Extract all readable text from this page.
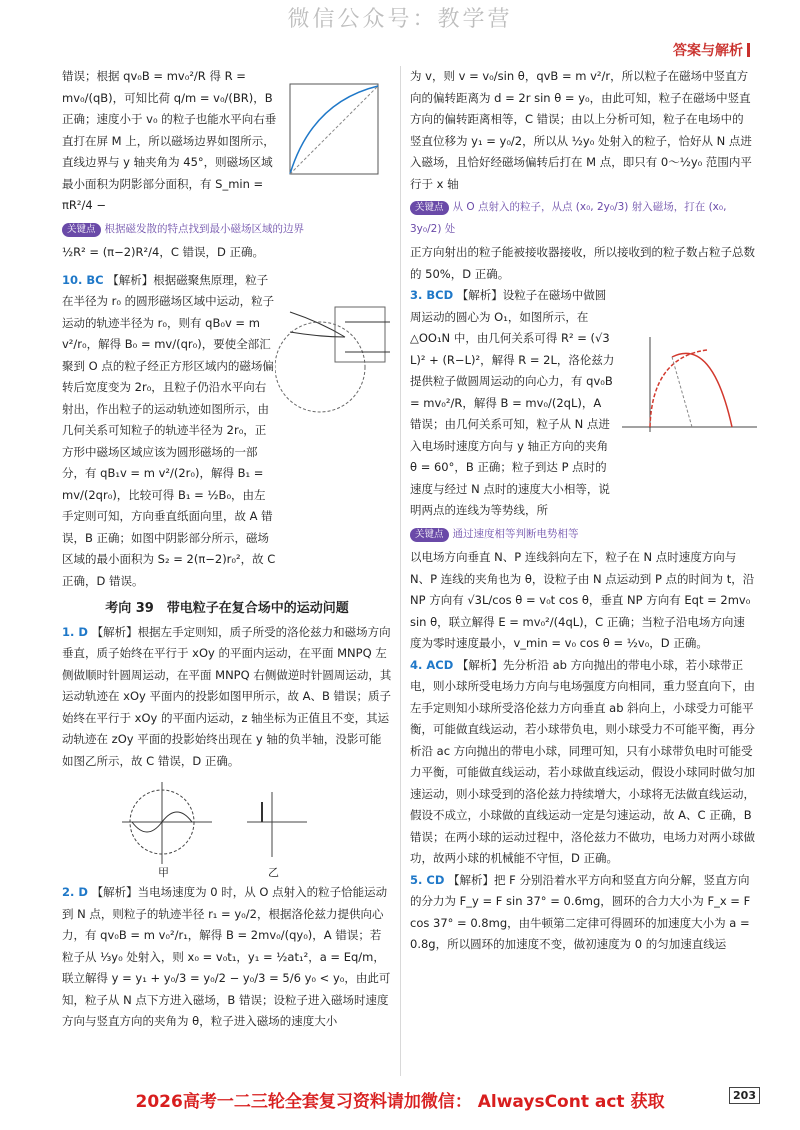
微信公众号：教学营
答案与解析

错误；根据 qv₀B = mv₀²/R 得 R = mv₀/(qB)，可知比荷 q/m = v₀/(BR)，B 正确；速度小于 v₀ 的粒子也能水平向右垂直打在屏 M 上，所以磁场边界如图所示，直线边界与 y 轴夹角为 45°，则磁场区域最小面积为阴影部分面积，有 S_min = πR²/4 −

关键点 根据磁发散的特点找到最小磁场区域的边界

½R² = (π−2)R²/4，C 错误，D 正确。

10. BC 【解析】根据磁聚焦原理，粒子在半径为 r₀ 的圆形磁场区域中运动，粒子运动的轨迹半径为 r₀，则有 qB₀v = m v²/r₀，解得 B₀ = mv/(qr₀)，要使全部汇聚到 O 点的粒子经正方形区域内的磁场偏转后宽度变为 2r₀，且粒子仍沿水平向右射出，作出粒子的运动轨迹如图所示，由几何关系可知粒子的轨迹半径为 2r₀，正方形中磁场区域应该为圆形磁场的一部分，有 qB₁v = m v²/(2r₀)，解得 B₁ = mv/(2qr₀)，比较可得 B₁ = ½B₀，由左手定则可知，方向垂直纸面向里，故 A 错误，B 正确；如图中阴影部分所示，磁场区域的最小面积为 S₂ = 2(π−2)r₀²，故 C 正确，D 错误。

考向 39　带电粒子在复合场中的运动问题

1. D 【解析】根据左手定则知，质子所受的洛伦兹力和磁场方向垂直，质子始终在平行于 xOy 的平面内运动，在平面 MNPQ 左侧做顺时针圆周运动，在平面 MNPQ 右侧做逆时针圆周运动，其运动轨迹在 xOy 平面内的投影如图甲所示，故 A、B 错误；质子始终在平行于 xOy 的平面内运动，z 轴坐标为正值且不变，其运动轨迹在 zOy 平面的投影始终出现在 y 轴的负半轴，没影可能如图乙所示，故 C 错误，D 正确。

甲	乙

2. D 【解析】当电场速度为 0 时，从 O 点射入的粒子恰能运动到 N 点，则粒子的轨迹半径 r₁ = y₀/2，根据洛伦兹力提供向心力，有 qv₀B = m v₀²/r₁，解得 B = 2mv₀/(qy₀)，A 错误；若粒子从 ⅓y₀ 处射入，则 x₀ = v₀t₁，y₁ = ½at₁²，a = Eq/m，联立解得 y = y₁ + y₀/3 = y₀/2 − y₀/3 = 5/6 y₀ < y₀，由此可知，粒子从 N 点下方进入磁场，B 错误；设粒子进入磁场时速度方向与竖直方向的夹角为 θ，粒子进入磁场的速度大小

为 v，则 v = v₀/sin θ，qvB = m v²/r，所以粒子在磁场中竖直方向的偏转距离为 d = 2r sin θ = y₀，由此可知，粒子在磁场中竖直方向的偏转距离相等，C 错误；由以上分析可知，粒子在电场中的竖直位移为 y₁ = y₀/2，所以从 ½y₀ 处射入的粒子，恰好从 N 点进入磁场，且恰好经磁场偏转后打在 M 点，即只有 0～½y₀ 范围内平行于 x 轴

关键点 从 O 点射入的粒子，从点 (x₀, 2y₀/3) 射入磁场，打在 (x₀, 3y₀/2) 处

正方向射出的粒子能被接收器接收，所以接收到的粒子数占粒子总数的 50%，D 正确。

3. BCD 【解析】设粒子在磁场中做圆周运动的圆心为 O₁，如图所示，在 △OO₁N 中，由几何关系可得 R² = (√3 L)² + (R−L)²，解得 R = 2L，洛伦兹力提供粒子做圆周运动的向心力，有 qv₀B = mv₀²/R，解得 B = mv₀/(2qL)，A 错误；由几何关系可知，粒子从 N 点进入电场时速度方向与 y 轴正方向的夹角 θ = 60°，B 正确；粒子到达 P 点时的速度与经过 N 点时的速度大小相等，说明两点的连线为等势线，所

关键点 通过速度相等判断电势相等

以电场方向垂直 N、P 连线斜向左下，粒子在 N 点时速度方向与 N、P 连线的夹角也为 θ，设粒子由 N 点运动到 P 点的时间为 t，沿 NP 方向有 √3L/cos θ = v₀t cos θ，垂直 NP 方向有 Eqt = 2mv₀ sin θ，联立解得 E = mv₀²/(4qL)，C 正确；当粒子沿电场方向速度为零时速度最小，v_min = v₀ cos θ = ½v₀，D 正确。

4. ACD 【解析】先分析沿 ab 方向抛出的带电小球，若小球带正电，则小球所受电场力方向与电场强度方向相同，重力竖直向下，由左手定则知小球所受洛伦兹力方向垂直 ab 斜向上，小球受力可能平衡，可能做直线运动，若小球带负电，则小球受力不可能平衡，再分析沿 ac 方向抛出的带电小球，同理可知，只有小球带负电时可能受力平衡，可能做直线运动，若小球做直线运动，假设小球同时做匀加速运动，则小球受到的洛伦兹力持续增大，小球将无法做直线运动，假设不成立，小球做的直线运动一定是匀速运动，故 A、C 正确，B 错误；在两小球的运动过程中，洛伦兹力不做功，电场力对两小球做功，故两小球的机械能不守恒，D 正确。

5. CD 【解析】把 F 分别沿着水平方向和竖直方向分解，竖直方向的分力为 F_y = F sin 37° = 0.6mg，圆环的合力大小为 F_x = F cos 37° = 0.8mg，由牛顿第二定律可得圆环的加速度大小为 a = 0.8g，所以圆环的加速度不变，做初速度为 0 的匀加速直线运

2026高考一二三轮全套复习资料请加微信： AlwaysCont act 获取	203
